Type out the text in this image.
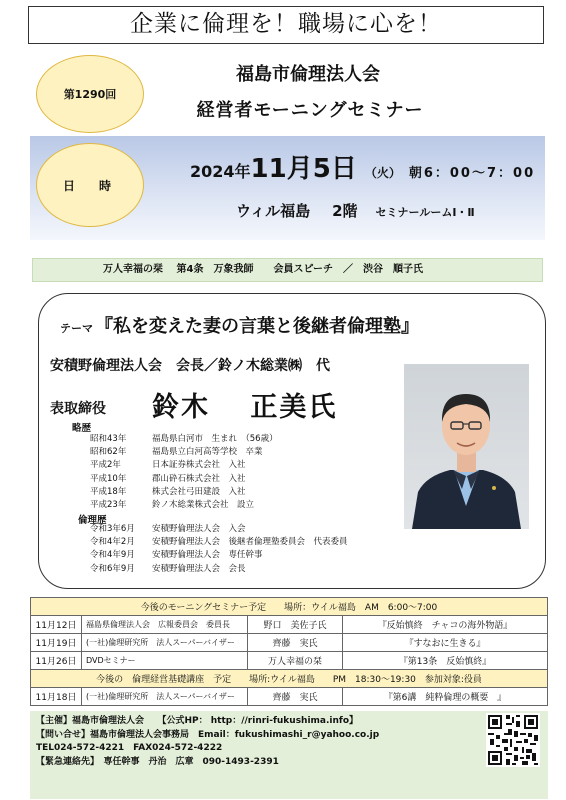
企業に倫理を！職場に心を！
第1290回
福島市倫理法人会
経営者モーニングセミナー
日　時
2024年11月5日 （火） 朝6：00～7：00
ウィル福島 2階 セミナールームⅠ・Ⅱ
万人幸福の栞　 第4条　万象我師　　会員スピーチ　／　渋谷　順子氏
テーマ 『私を変えた妻の言葉と後継者倫理塾』
安積野倫理法人会　会長／鈴ノ木総業㈱　代
表取締役 鈴木　 正美氏
略歴
昭和43年	福島県白河市　生まれ　（56歳）
昭和62年	福島県立白河高等学校　卒業
平成2年	日本証券株式会社　入社
平成10年	郡山砕石株式会社　入社
平成18年	株式会社弓田建設　入社
平成23年	鈴ノ木総業株式会社　設立
倫理歴
令和3年6月 安積野倫理法人会　入会
令和4年2月 安積野倫理法人会　後継者倫理塾委員会　代表委員
令和4年9月 安積野倫理法人会　専任幹事
令和6年9月 安積野倫理法人会　会長
今後のモーニングセミナー予定　　場所：ウイル福島　AM　6:00～7:00			
11月12日	福島県倫理法人会　広報委員会　委員長	野口　美佐子氏	『反始慎終　チャコの海外物語』
11月19日	(一社)倫理研究所　法人スーパーバイザー	齊藤　実氏	『すなおに生きる』
11月26日	DVDセミナー	万人幸福の栞	『第13条　反始慎終』
今後の　倫理経営基礎講座　予定　　場所:ウイル福島　　PM　18:30～19:30　参加対象:役員			
11月18日	(一社)倫理研究所　法人スーパーバイザー	齊藤　実氏	『第6講　純粋倫理の概要　』
【主催】福島市倫理法人会　　【公式HP： http：//rinri-fukushima.info】
【問い合せ】福島市倫理法人会事務局　Email：fukushimashi_r@yahoo.co.jp
TEL024-572-4221　FAX024-572-4222
【緊急連絡先】　専任幹事　丹治　広章　090-1493-2391
